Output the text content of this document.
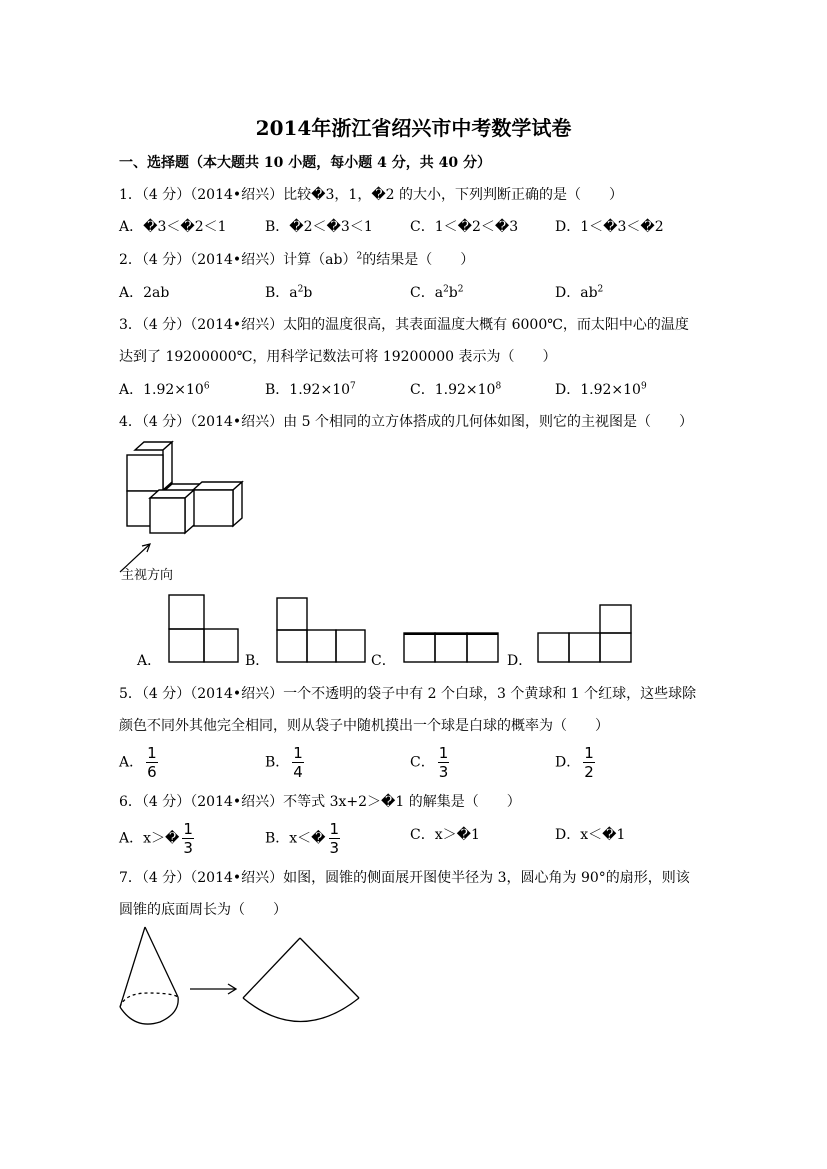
2014年浙江省绍兴市中考数学试卷
一、选择题（本大题共 10 小题，每小题 4 分，共 40 分）
1．（4 分）（2014•绍兴）比较�3，1，�2 的大小，下列判断正确的是（　　）
A．�3＜�2＜1	B．�2＜�3＜1	C．1＜�2＜�3	D．1＜�3＜�2
2．（4 分）（2014•绍兴）计算（ab）$^2$的结果是（　　）
A．2ab	B．$a^2b$	C．$a^2b^2$	D．$ab^2$
3．（4 分）（2014•绍兴）太阳的温度很高，其表面温度大概有 6000℃，而太阳中心的温度
达到了 19200000℃，用科学记数法可将 19200000 表示为（　　）
A．$1.92\times 10^6$	B．$1.92\times 10^7$	C．$1.92\times 10^8$	D．$1.92\times 10^9$
4．（4 分）（2014•绍兴）由 5 个相同的立方体搭成的几何体如图，则它的主视图是（　　）
主视方向
A．	B．	C．	D．
5．（4 分）（2014•绍兴）一个不透明的袋子中有 2 个白球，3 个黄球和 1 个红球，这些球除
颜色不同外其他完全相同，则从袋子中随机摸出一个球是白球的概率为（　　）
A． $\frac{1}{6}$	B． $\frac{1}{4}$	C． $\frac{1}{3}$	D． $\frac{1}{2}$
6．（4 分）（2014•绍兴）不等式 3x+2＞�1 的解集是（　　）
A．x＞� $\frac{1}{3}$	B．x＜� $\frac{1}{3}$	C．x＞�1	D．x＜�1
7．（4 分）（2014•绍兴）如图，圆锥的侧面展开图使半径为 3，圆心角为 90°的扇形，则该
圆锥的底面周长为（　　）
